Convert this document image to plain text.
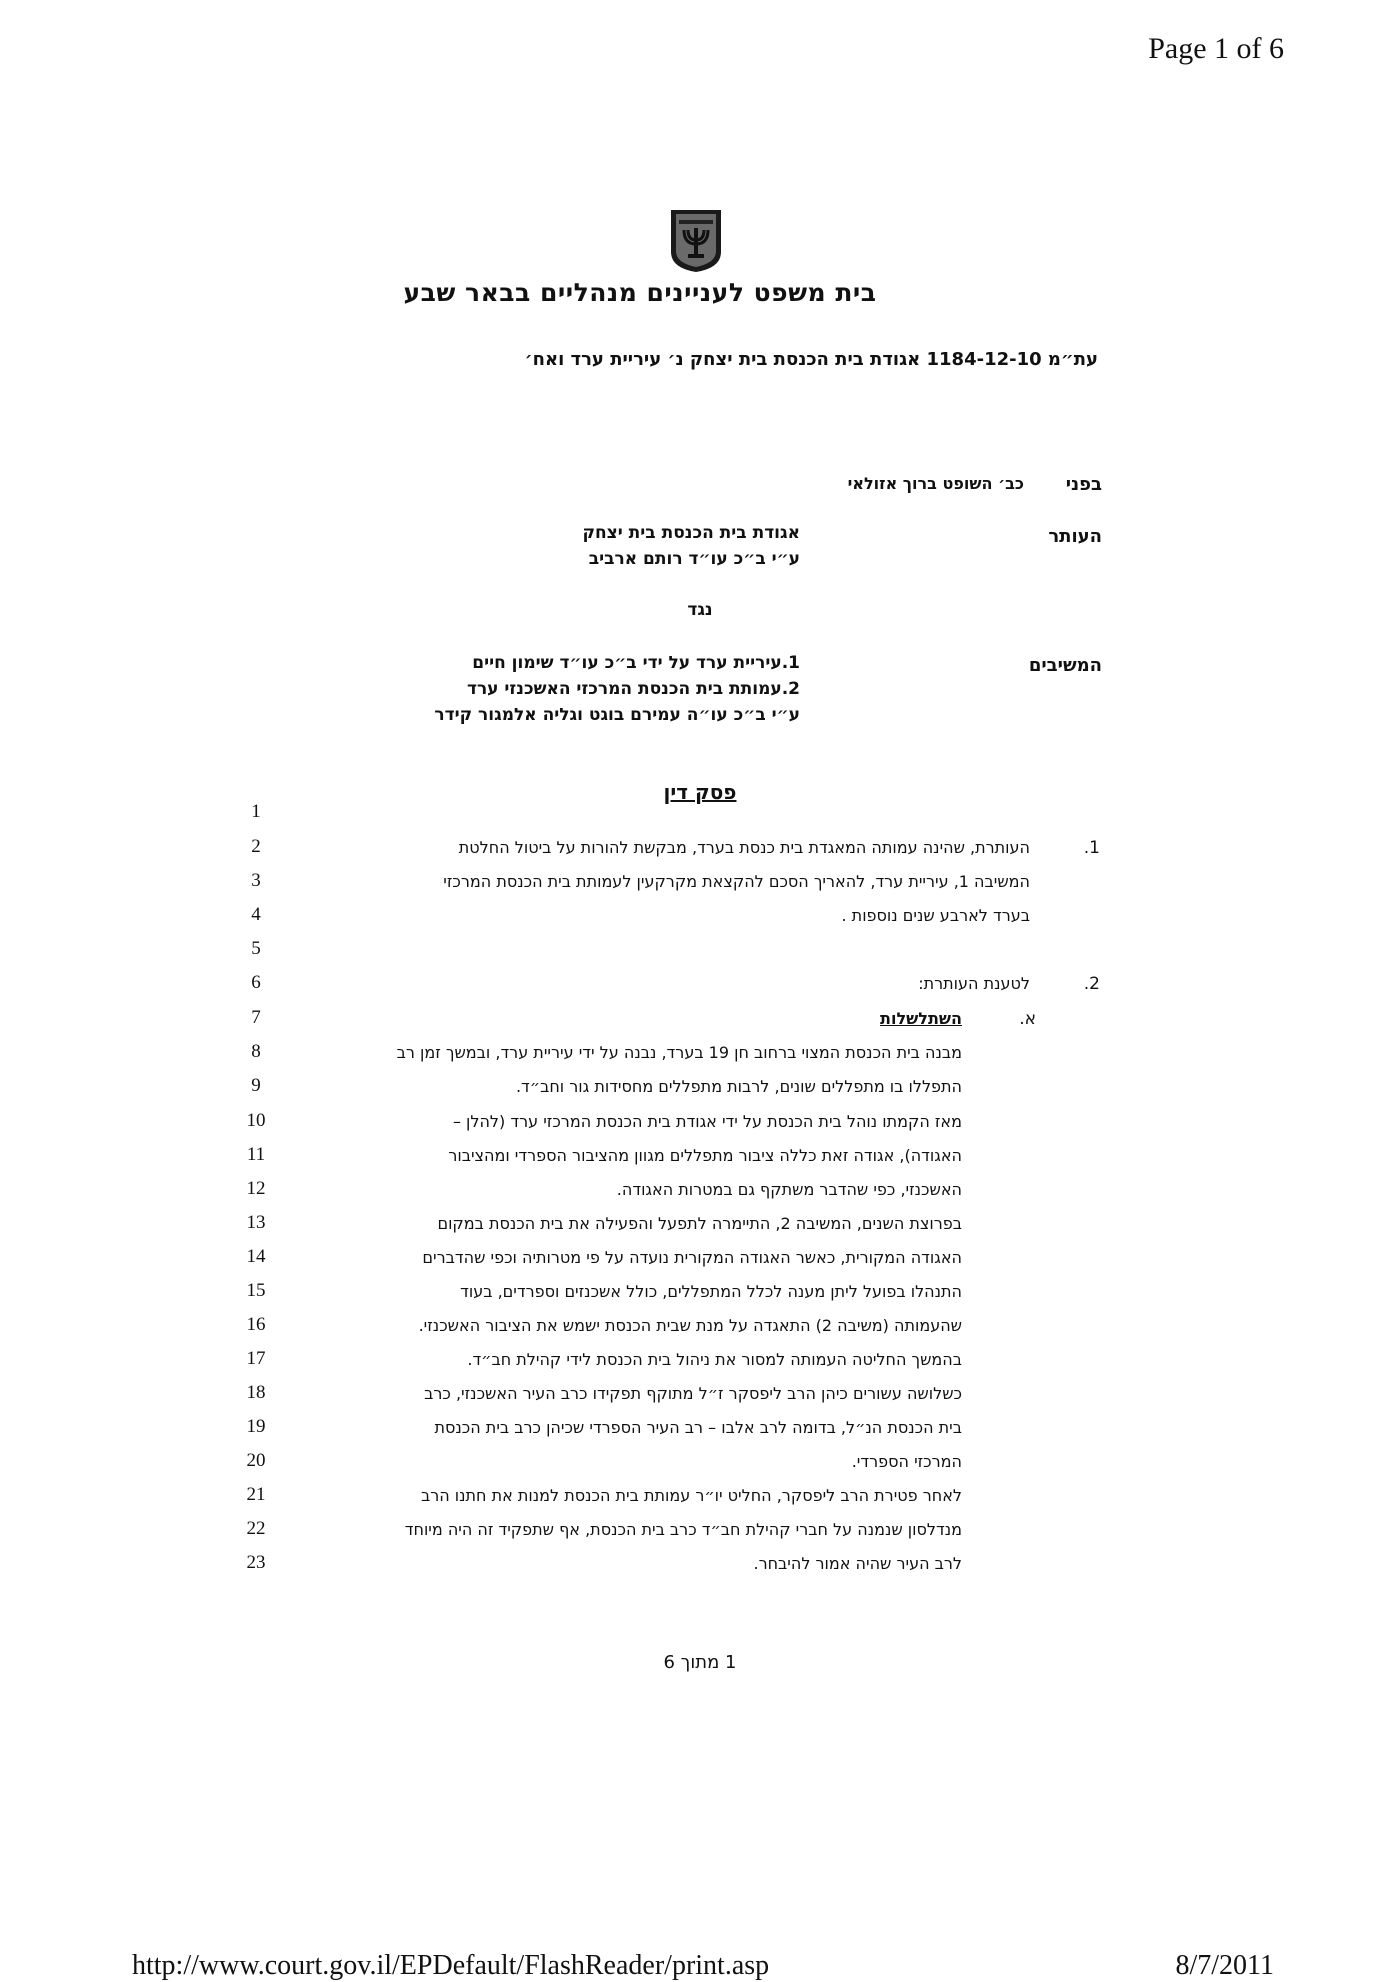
Page 1 of 6
בית משפט לעניינים מנהליים בבאר שבע
עת״מ 1184-12-10 אגודת בית הכנסת בית יצחק נ׳ עיריית ערד ואח׳
בפני
כב׳ השופט ברוך אזולאי
העותר
אגודת בית הכנסת בית יצחק
ע״י ב״כ עו״ד רותם ארביב
נגד
המשיבים
1.עיריית ערד על ידי ב״כ עו״ד שימון חיים
2.עמותת בית הכנסת המרכזי האשכנזי ערד
ע״י ב״כ עו״ה עמירם בוגט וגליה אלמגור קידר
פסק דין
1
2
3
4
5
6
7
8
9
10
11
12
13
14
15
16
17
18
19
20
21
22
23
1.
2.
א.
העותרת, שהינה עמותה המאגדת בית כנסת בערד, מבקשת להורות על ביטול החלטת
המשיבה 1, עיריית ערד, להאריך הסכם להקצאת מקרקעין לעמותת בית הכנסת המרכזי
בערד לארבע שנים נוספות .
לטענת העותרת:
השתלשלות
מבנה בית הכנסת המצוי ברחוב חן 19 בערד, נבנה על ידי עיריית ערד, ובמשך זמן רב
התפללו בו מתפללים שונים, לרבות מתפללים מחסידות גור וחב״ד.
מאז הקמתו נוהל בית הכנסת על ידי אגודת בית הכנסת המרכזי ערד (להלן –
האגודה), אגודה זאת כללה ציבור מתפללים מגוון מהציבור הספרדי ומהציבור
האשכנזי, כפי שהדבר משתקף גם במטרות האגודה.
בפרוצת השנים, המשיבה 2, התיימרה לתפעל והפעילה את בית הכנסת במקום
האגודה המקורית, כאשר האגודה המקורית נועדה על פי מטרותיה וכפי שהדברים
התנהלו בפועל ליתן מענה לכלל המתפללים, כולל אשכנזים וספרדים, בעוד
שהעמותה (משיבה 2) התאגדה על מנת שבית הכנסת ישמש את הציבור האשכנזי.
בהמשך החליטה העמותה למסור את ניהול בית הכנסת לידי קהילת חב״ד.
כשלושה עשורים כיהן הרב ליפסקר ז״ל מתוקף תפקידו כרב העיר האשכנזי, כרב
בית הכנסת הנ״ל, בדומה לרב אלבו – רב העיר הספרדי שכיהן כרב בית הכנסת
המרכזי הספרדי.
לאחר פטירת הרב ליפסקר, החליט יו״ר עמותת בית הכנסת למנות את חתנו הרב
מנדלסון שנמנה על חברי קהילת חב״ד כרב בית הכנסת, אף שתפקיד זה היה מיוחד
לרב העיר שהיה אמור להיבחר.
1 מתוך 6
http://www.court.gov.il/EPDefault/FlashReader/print.asp	8/7/2011
